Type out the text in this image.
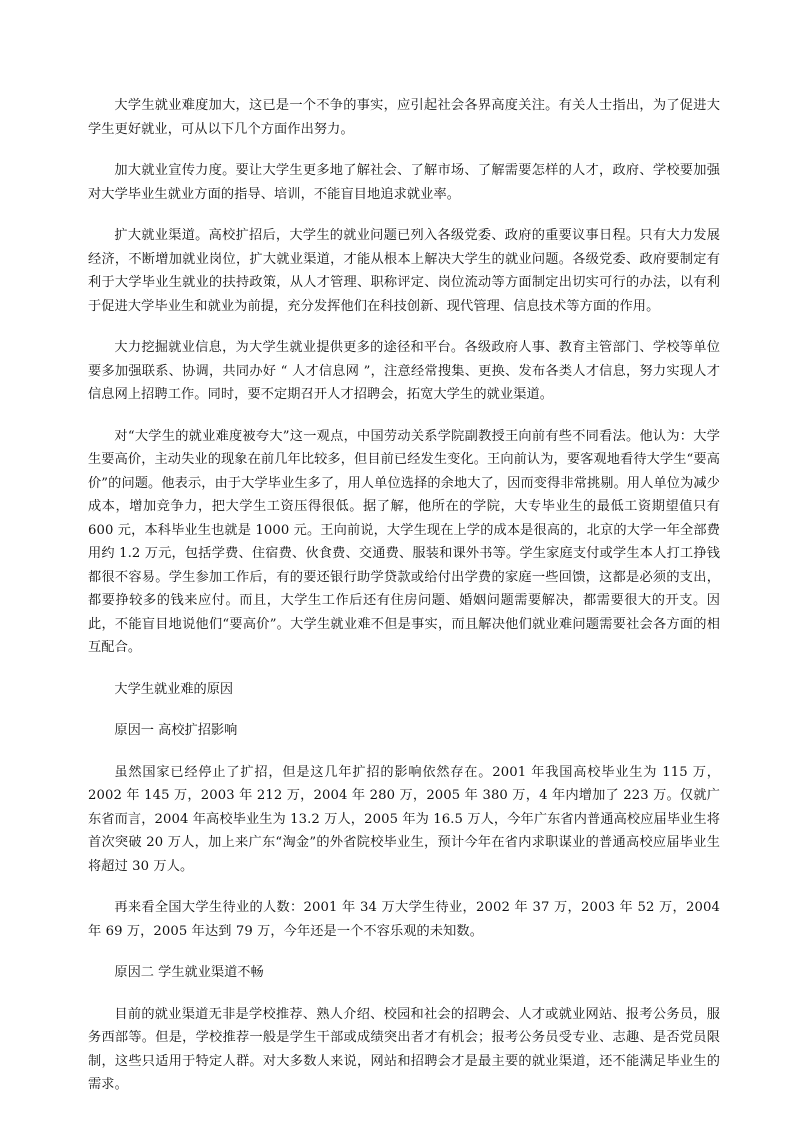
大学生就业难度加大，这已是一个不争的事实，应引起社会各界高度关注。有关人士指出，为了促进大学生更好就业，可从以下几个方面作出努力。

加大就业宣传力度。要让大学生更多地了解社会、了解市场、了解需要怎样的人才，政府、学校要加强对大学毕业生就业方面的指导、培训，不能盲目地追求就业率。

扩大就业渠道。高校扩招后，大学生的就业问题已列入各级党委、政府的重要议事日程。只有大力发展经济，不断增加就业岗位，扩大就业渠道，才能从根本上解决大学生的就业问题。各级党委、政府要制定有利于大学毕业生就业的扶持政策，从人才管理、职称评定、岗位流动等方面制定出切实可行的办法，以有利于促进大学毕业生和就业为前提，充分发挥他们在科技创新、现代管理、信息技术等方面的作用。

大力挖掘就业信息，为大学生就业提供更多的途径和平台。各级政府人事、教育主管部门、学校等单位要多加强联系、协调，共同办好 “ 人才信息网 ”，注意经常搜集、更换、发布各类人才信息，努力实现人才信息网上招聘工作。同时，要不定期召开人才招聘会，拓宽大学生的就业渠道。

对“大学生的就业难度被夸大”这一观点，中国劳动关系学院副教授王向前有些不同看法。他认为：大学生要高价，主动失业的现象在前几年比较多，但目前已经发生变化。王向前认为，要客观地看待大学生“要高价”的问题。他表示，由于大学毕业生多了，用人单位选择的余地大了，因而变得非常挑剔。用人单位为减少成本，增加竞争力，把大学生工资压得很低。据了解，他所在的学院，大专毕业生的最低工资期望值只有 600 元，本科毕业生也就是 1000 元。王向前说，大学生现在上学的成本是很高的，北京的大学一年全部费用约 1.2 万元，包括学费、住宿费、伙食费、交通费、服装和课外书等。学生家庭支付或学生本人打工挣钱都很不容易。学生参加工作后，有的要还银行助学贷款或给付出学费的家庭一些回馈，这都是必须的支出，都要挣较多的钱来应付。而且，大学生工作后还有住房问题、婚姻问题需要解决，都需要很大的开支。因此，不能盲目地说他们“要高价”。大学生就业难不但是事实，而且解决他们就业难问题需要社会各方面的相互配合。

大学生就业难的原因

原因一 高校扩招影响

虽然国家已经停止了扩招，但是这几年扩招的影响依然存在。2001 年我国高校毕业生为 115 万，2002 年 145 万，2003 年 212 万，2004 年 280 万，2005 年 380 万，4 年内增加了 223 万。仅就广东省而言，2004 年高校毕业生为 13.2 万人，2005 年为 16.5 万人，今年广东省内普通高校应届毕业生将首次突破 20 万人，加上来广东“淘金”的外省院校毕业生，预计今年在省内求职谋业的普通高校应届毕业生将超过 30 万人。

再来看全国大学生待业的人数：2001 年 34 万大学生待业，2002 年 37 万，2003 年 52 万，2004 年 69 万，2005 年达到 79 万，今年还是一个不容乐观的未知数。

原因二 学生就业渠道不畅

目前的就业渠道无非是学校推荐、熟人介绍、校园和社会的招聘会、人才或就业网站、报考公务员，服务西部等。但是，学校推荐一般是学生干部或成绩突出者才有机会；报考公务员受专业、志趣、是否党员限制，这些只适用于特定人群。对大多数人来说，网站和招聘会才是最主要的就业渠道，还不能满足毕业生的需求。
